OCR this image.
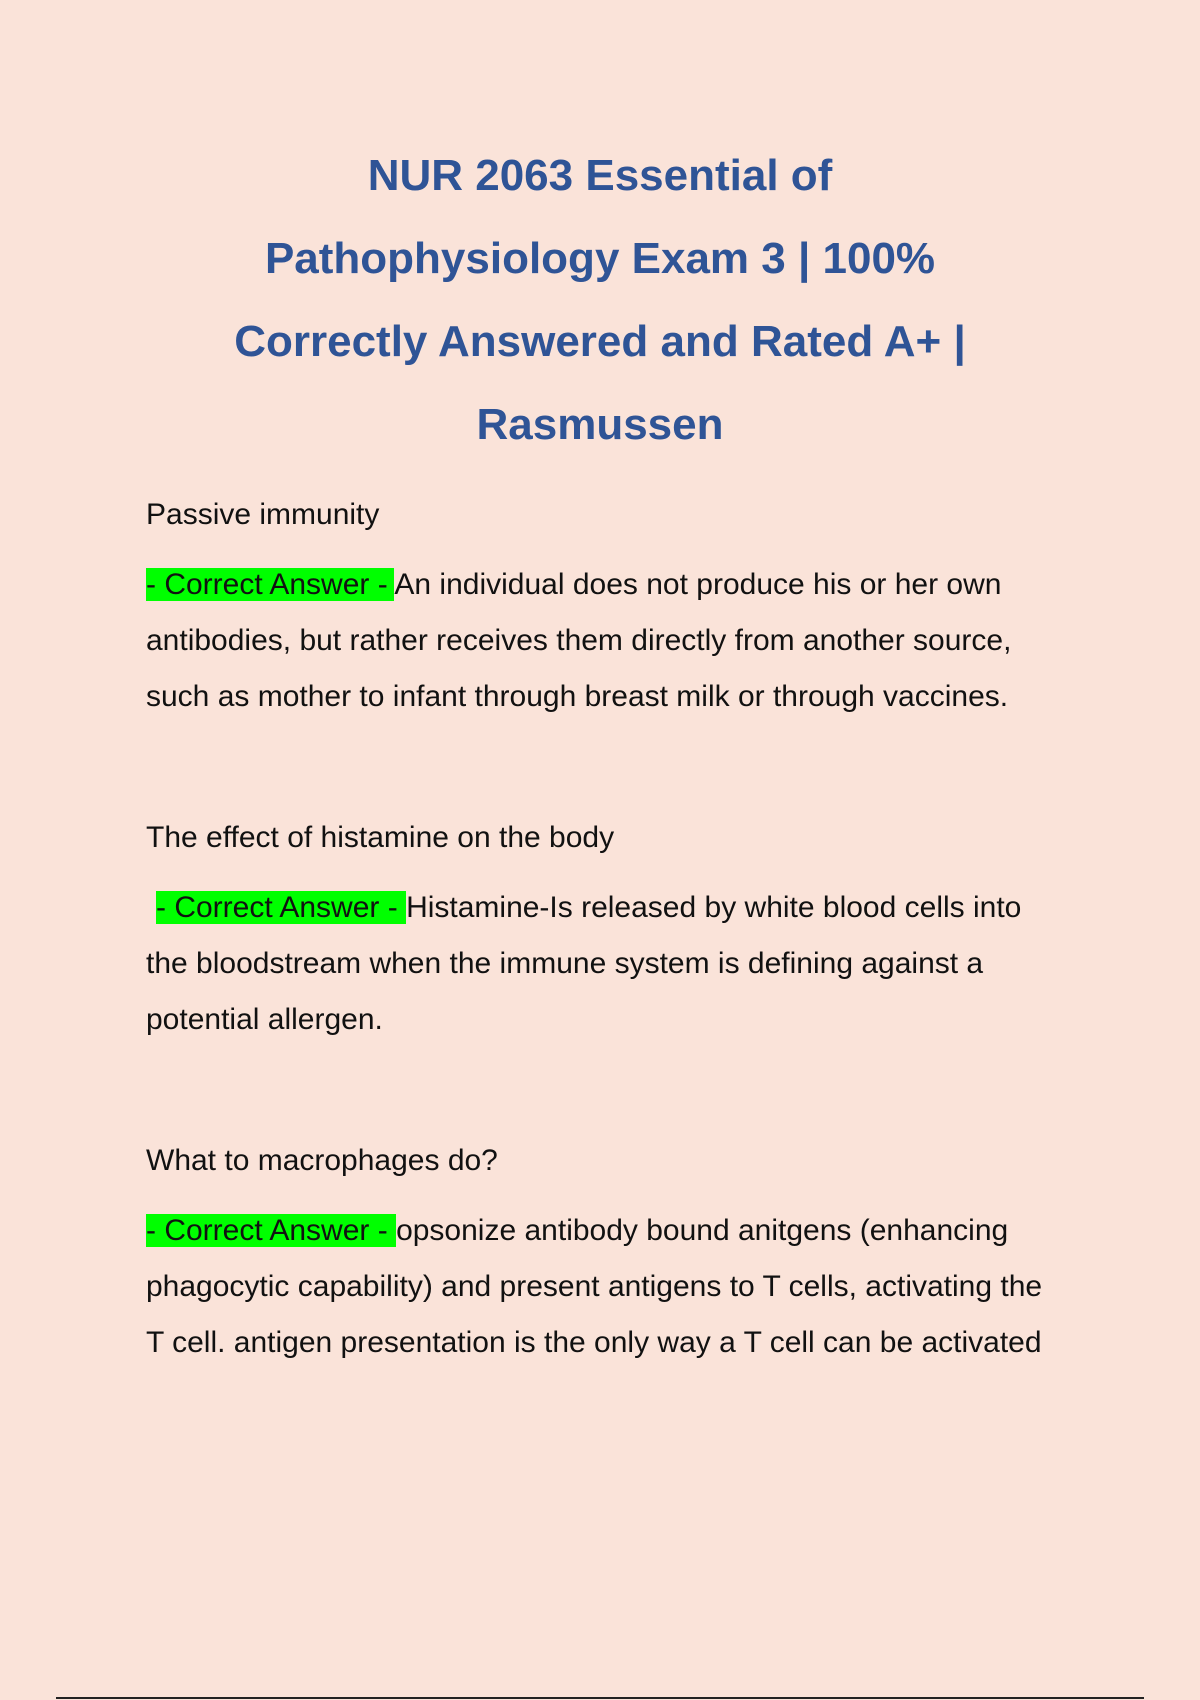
NUR 2063 Essential of
Pathophysiology Exam 3 | 100%
Correctly Answered and Rated A+ |
Rasmussen

Passive immunity

- Correct Answer - An individual does not produce his or her own antibodies, but rather receives them directly from another source, such as mother to infant through breast milk or through vaccines.

The effect of histamine on the body

- Correct Answer - Histamine-Is released by white blood cells into the bloodstream when the immune system is defining against a potential allergen.

What to macrophages do?

- Correct Answer - opsonize antibody bound anitgens (enhancing phagocytic capability) and present antigens to T cells, activating the T cell. antigen presentation is the only way a T cell can be activated
